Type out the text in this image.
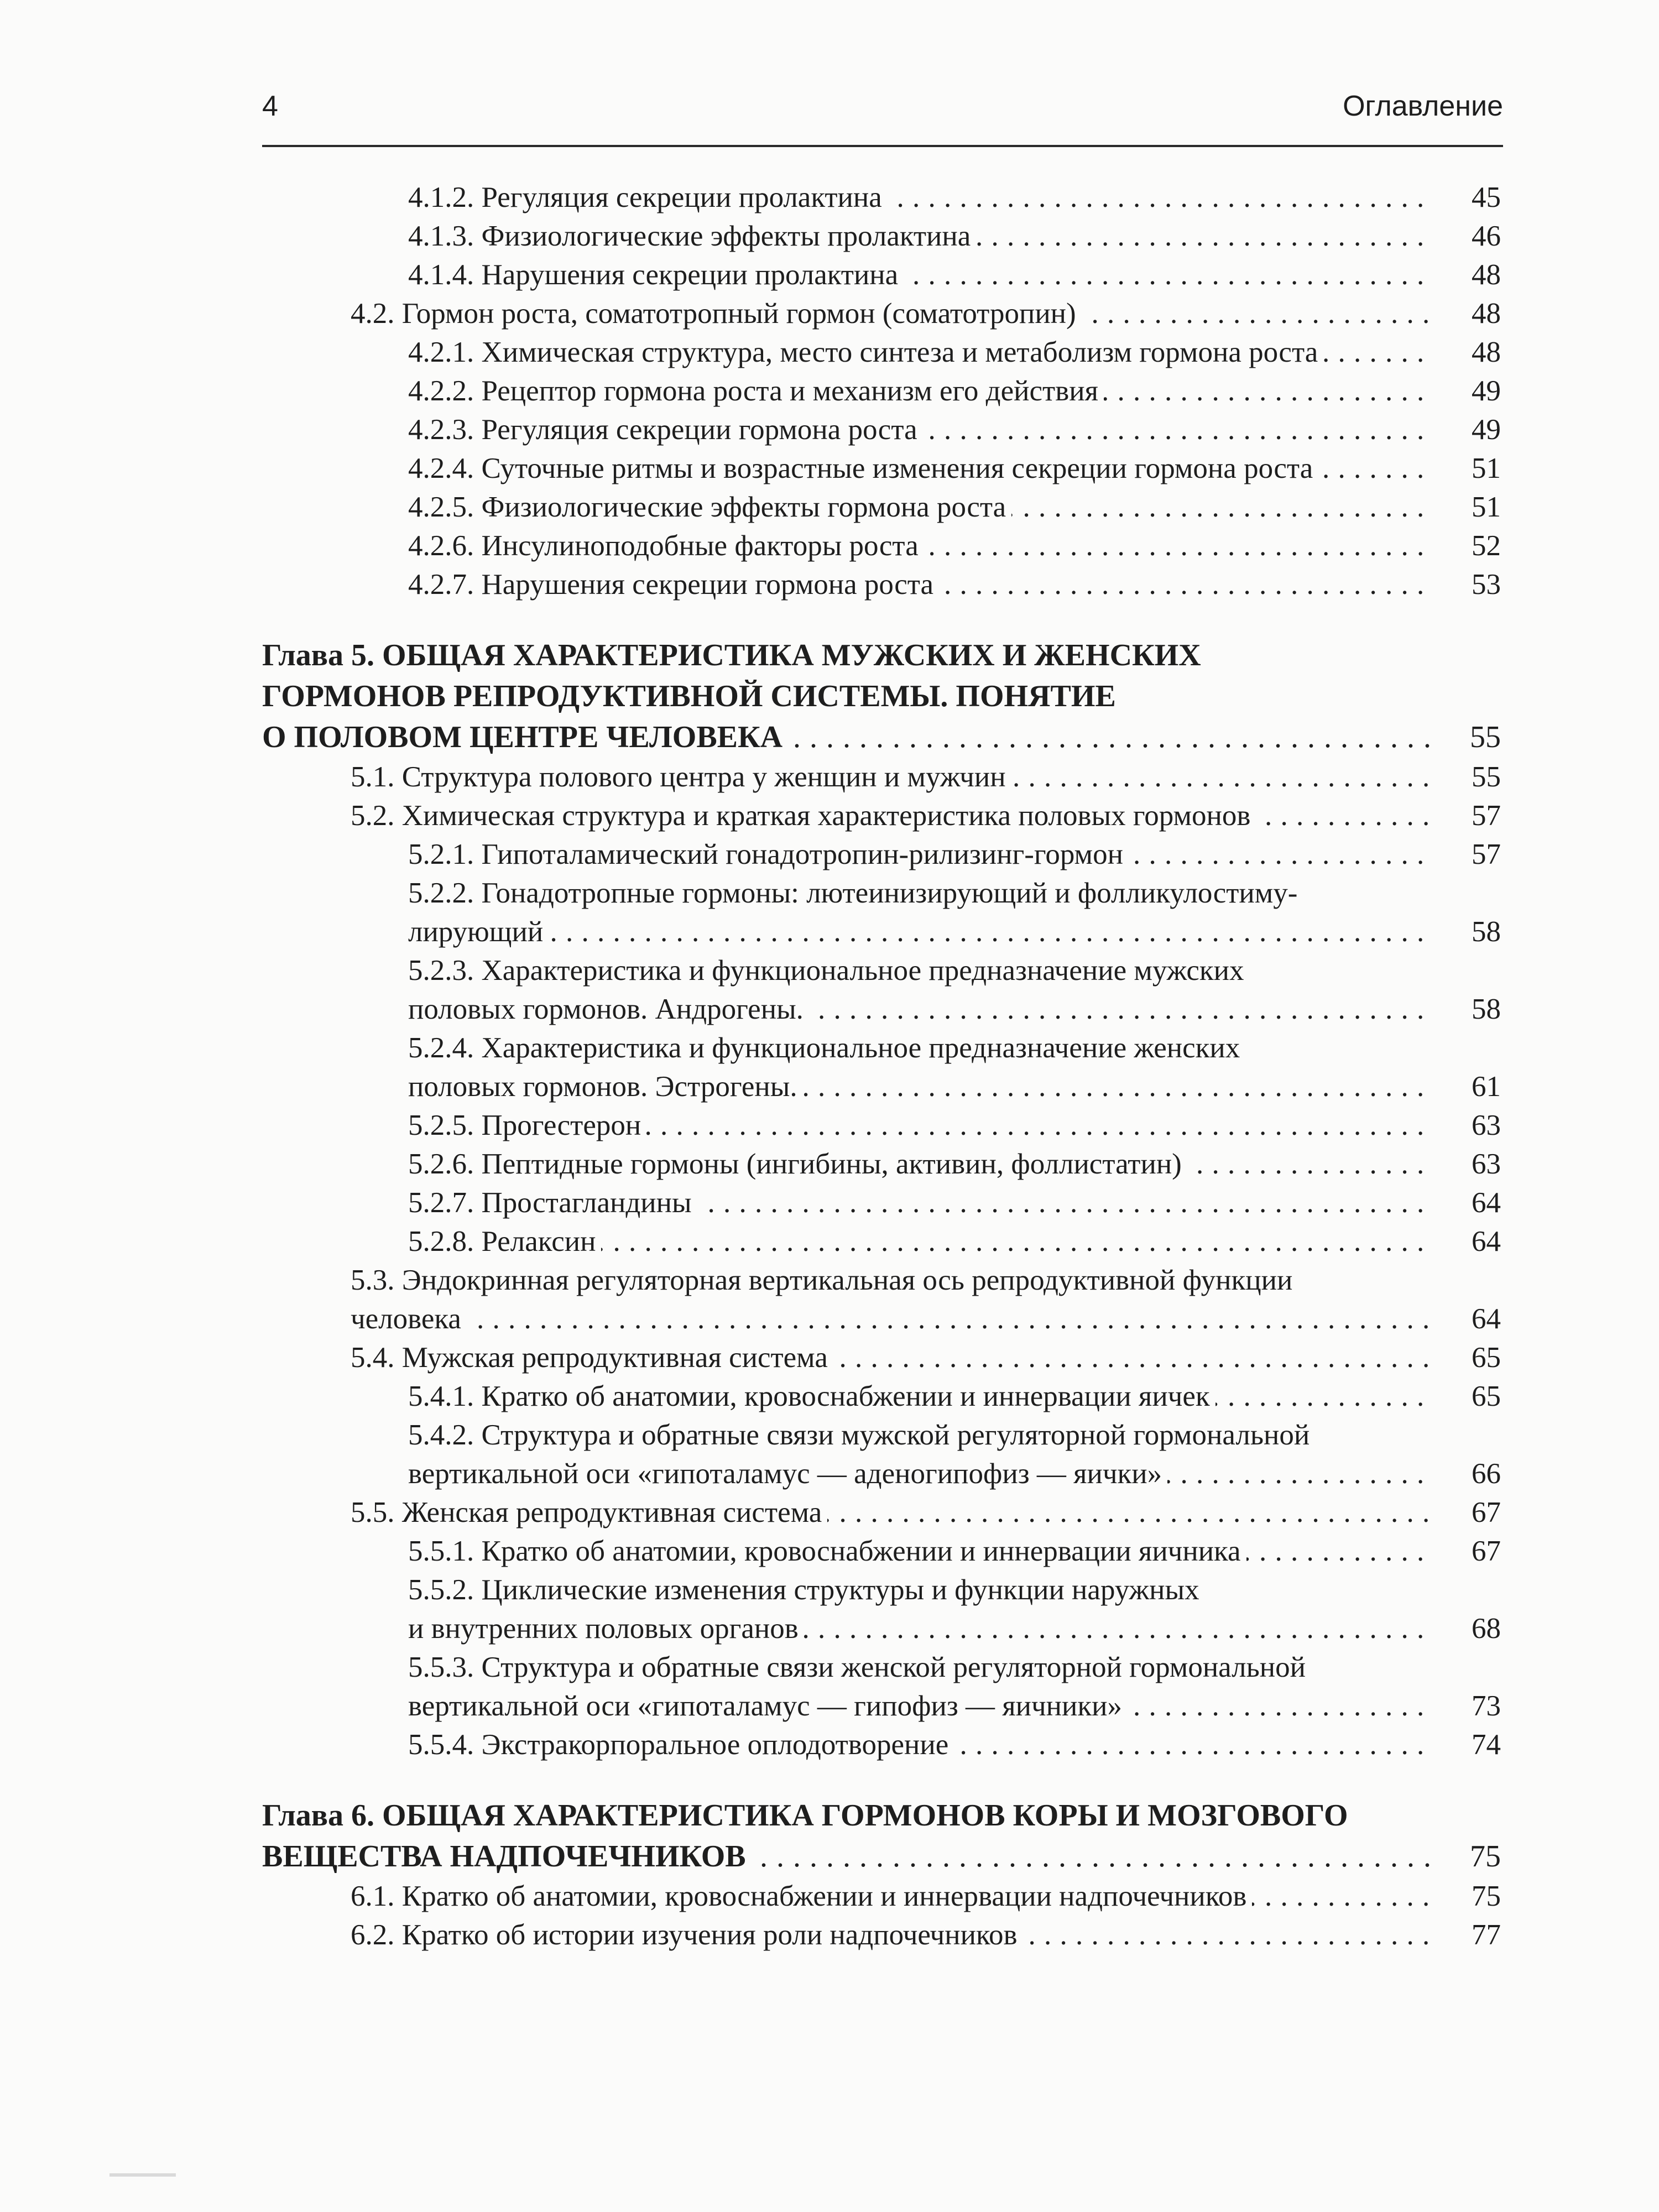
4	Оглавление
4.1.2. Регуляция секреции пролактина . . .	45
4.1.3. Физиологические эффекты пролактина . . .	46
4.1.4. Нарушения секреции пролактина . . .	48
4.2. Гормон роста, соматотропный гормон (соматотропин) . . .	48
4.2.1. Химическая структура, место синтеза и метаболизм гормона роста . . .	48
4.2.2. Рецептор гормона роста и механизм его действия . . .	49
4.2.3. Регуляция секреции гормона роста . . .	49
4.2.4. Суточные ритмы и возрастные изменения секреции гормона роста . . .	51
4.2.5. Физиологические эффекты гормона роста . . .	51
4.2.6. Инсулиноподобные факторы роста . . .	52
4.2.7. Нарушения секреции гормона роста . . .	53
Глава 5. ОБЩАЯ ХАРАКТЕРИСТИКА МУЖСКИХ И ЖЕНСКИХ
ГОРМОНОВ РЕПРОДУКТИВНОЙ СИСТЕМЫ. ПОНЯТИЕ
О ПОЛОВОМ ЦЕНТРЕ ЧЕЛОВЕКА . . .	55
5.1. Структура полового центра у женщин и мужчин . . .	55
5.2. Химическая структура и краткая характеристика половых гормонов . . .	57
5.2.1. Гипоталамический гонадотропин-рилизинг-гормон . . .	57
5.2.2. Гонадотропные гормоны: лютеинизирующий и фолликулостиму-
лирующий . . .	58
5.2.3. Характеристика и функциональное предназначение мужских
половых гормонов. Андрогены. . . .	58
5.2.4. Характеристика и функциональное предназначение женских
половых гормонов. Эстрогены. . . .	61
5.2.5. Прогестерон . . .	63
5.2.6. Пептидные гормоны (ингибины, активин, фоллистатин) . . .	63
5.2.7. Простагландины . . .	64
5.2.8. Релаксин . . .	64
5.3. Эндокринная регуляторная вертикальная ось репродуктивной функции
человека . . .	64
5.4. Мужская репродуктивная система . . .	65
5.4.1. Кратко об анатомии, кровоснабжении и иннервации яичек . . .	65
5.4.2. Структура и обратные связи мужской регуляторной гормональной
вертикальной оси «гипоталамус — аденогипофиз — яички» . . .	66
5.5. Женская репродуктивная система . . .	67
5.5.1. Кратко об анатомии, кровоснабжении и иннервации яичника . . .	67
5.5.2. Циклические изменения структуры и функции наружных
и внутренних половых органов . . .	68
5.5.3. Структура и обратные связи женской регуляторной гормональной
вертикальной оси «гипоталамус — гипофиз — яичники» . . .	73
5.5.4. Экстракорпоральное оплодотворение . . .	74
Глава 6. ОБЩАЯ ХАРАКТЕРИСТИКА ГОРМОНОВ КОРЫ И МОЗГОВОГО
ВЕЩЕСТВА НАДПОЧЕЧНИКОВ . . .	75
6.1. Кратко об анатомии, кровоснабжении и иннервации надпочечников . . .	75
6.2. Кратко об истории изучения роли надпочечников . . .	77
